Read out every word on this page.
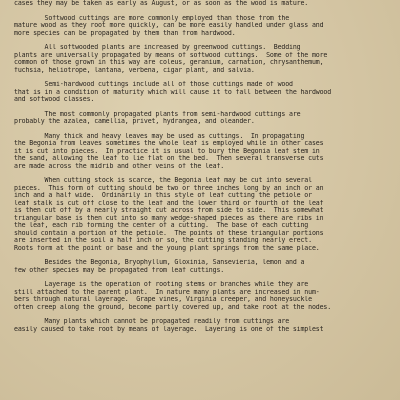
cases they may be taken as early as August, or as soon as the wood is mature.
Softwood cuttings are more commonly employed than those from the
mature wood as they root more quickly, can be more easily handled under glass and
more species can be propagated by them than from hardwood.
All softwooded plants are increased by greenwood cuttings.  Bedding
plants are universally propagated by means of softwood cuttings.  Some of the more
common of those grown in this way are coleus, geranium, carnation, chrysanthemum,
fuchsia, heliotrope, lantana, verbena, cigar plant, and salvia.
Semi-hardwood cuttings include all of those cuttings made of wood
that is in a condition of maturity which will cause it to fall between the hardwood
and softwood classes.
The most commonly propagated plants from semi-hardwood cuttings are
probably the azalea, camellia, privet, hydrangea, and oleander.
Many thick and heavy leaves may be used as cuttings.  In propagating
the Begonia from leaves sometimes the whole leaf is employed while in other cases
it is cut into pieces.  In practice it is usual to bury the Begonia leaf stem in
the sand, allowing the leaf to lie flat on the bed.  Then several transverse cuts
are made across the midrib and other veins of the leaf.
When cutting stock is scarce, the Begonia leaf may be cut into several
pieces.  This form of cutting should be two or three inches long by an inch or an
inch and a half wide.  Ordinarily in this style of leaf cutting the petiole or
leaf stalk is cut off close to the leaf and the lower third or fourth of the leaf
is then cut off by a nearly straight cut across from side to side.  This somewhat
triangular base is then cut into so many wedge-shaped pieces as there are ribs in
the leaf, each rib forming the center of a cutting.  The base of each cutting
should contain a portion of the petiole.  The points of these triangular portions
are inserted in the soil a half inch or so, the cutting standing nearly erect.
Roots form at the point or base and the young plant springs from the same place.
Besides the Begonia, Bryophyllum, Gloxinia, Sansevieria, lemon and a
few other species may be propagated from leaf cuttings.
Layerage is the operation of rooting stems or branches while they are
still attached to the parent plant.  In nature many plants are increased in num-
bers through natural layerage.  Grape vines, Virginia creeper, and honeysuckle
often creep along the ground, become partly covered up, and take root at the nodes.
Many plants which cannot be propagated readily from cuttings are
easily caused to take root by means of layerage.  Layering is one of the simplest
